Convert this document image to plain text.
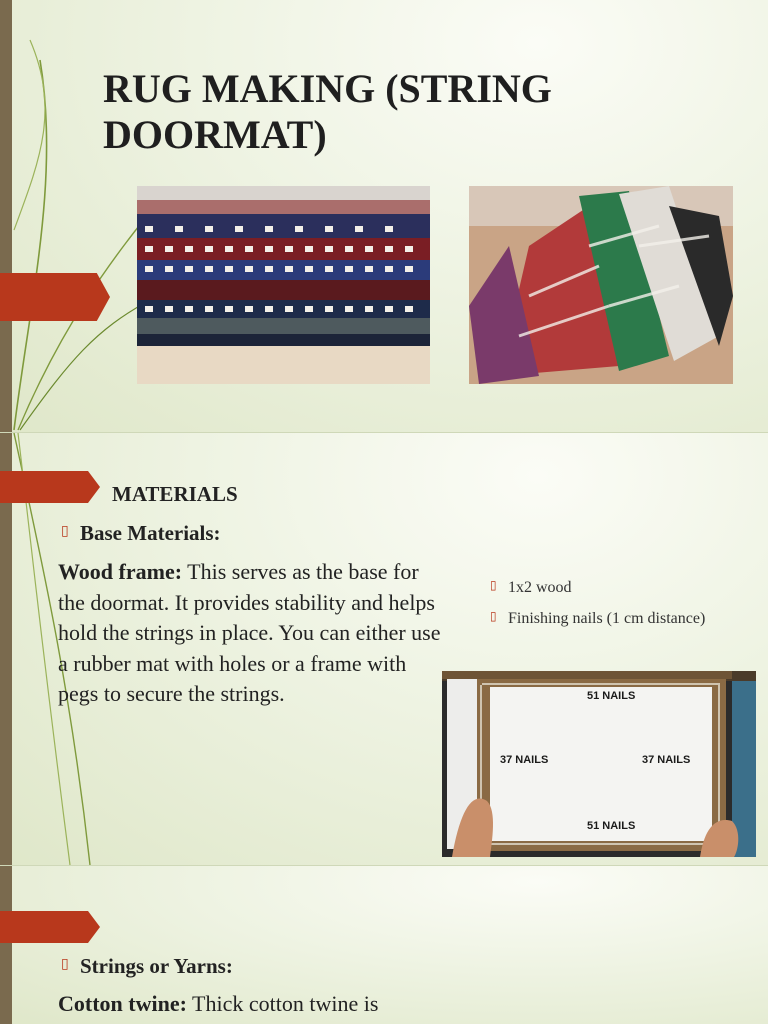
RUG MAKING (STRING DOORMAT)
MATERIALS
▯ Base Materials:
Wood frame: This serves as the base for the doormat. It provides stability and helps hold the strings in place. You can either use a rubber mat with holes or a frame with pegs to secure the strings.
▯ 1x2 wood
▯ Finishing nails (1 cm distance)
51 NAILS
37 NAILS	37 NAILS
51 NAILS
▯ Strings or Yarns:
Cotton twine: Thick cotton twine is
